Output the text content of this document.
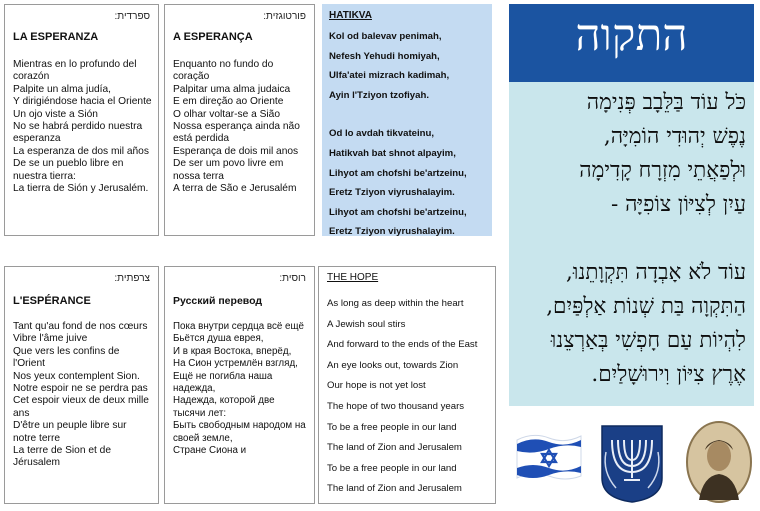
ספרדית:
LA ESPERANZA
Mientras en lo profundo del corazón
Palpite un alma judía,
Y dirigiéndose hacia el Oriente
Un ojo viste a Sión
No se habrá perdido nuestra esperanza
La esperanza de dos mil años
De se un pueblo libre en nuestra tierra:
La tierra de Sión y Jerusalém.
פורטוגזית:
A ESPERANÇA
Enquanto no fundo do coração
Palpitar uma alma judaica
E em direção ao Oriente
O olhar voltar-se a Sião
Nossa esperança ainda não está perdida
Esperança de dois mil anos
De ser um povo livre em nossa terra
A terra de São e Jerusalém
HATIKVA
Kol od balevav penimah,
Nefesh Yehudi homiyah,
Ulfa'atei mizrach kadimah,
Ayin l'Tziyon tzofiyah.
Od lo avdah tikvateinu,
Hatikvah bat shnot alpayim,
Lihyot am chofshi be'artzeinu,
Eretz Tziyon viyrushalayim.
Lihyot am chofshi be'artzeinu,
Eretz Tziyon viyrushalayim.
צרפתית:
L'ESPÉRANCE
Tant qu'au fond de nos cœurs
Vibre l'âme juive
Que vers les confins de l'Orient
Nos yeux contemplent Sion.
Notre espoir ne se perdra pas
Cet espoir vieux de deux mille ans
D'être un peuple libre sur notre terre
La terre de Sion et de Jérusalem
רוסית:
Русский перевод
Пока внутри сердца всё ещё
Бьётся душа еврея,
И в края Востока, вперёд,
На Сион устремлён взгляд,
Ещё не погибла наша надежда,
Надежда, которой две тысячи лет:
Быть свободным народом на своей земле,
Стране Сиона и
THE HOPE
As long as deep within the heart
A Jewish soul stirs
And forward to the ends of the East
An eye looks out, towards Zion
Our hope is not yet lost
The hope of two thousand years
To be a free people in our land
The land of Zion and Jerusalem
To be a free people in our land
The land of Zion and Jerusalem
התקוה
כֹּל עוֹד בַּלֵּבָב פְּנִימָה
נֶפֶשׁ יְהוּדִי הוֹמִיָּה,
וּלְפַאֲתֵי מִזְרָח קָדִימָה
עַיִן לְצִיּוֹן צוֹפִיָּה -
עוֹד לֹא אָבְדָה תִּקְוָתֵנוּ,
הַתִּקְוָה בַּת שְׁנוֹת אַלְפַּיִם,
לִהְיוֹת עַם חָפְשִׁי בְּאַרְצֵנוּ
אֶרֶץ צִיּוֹן וִירוּשָׁלַיִם.
